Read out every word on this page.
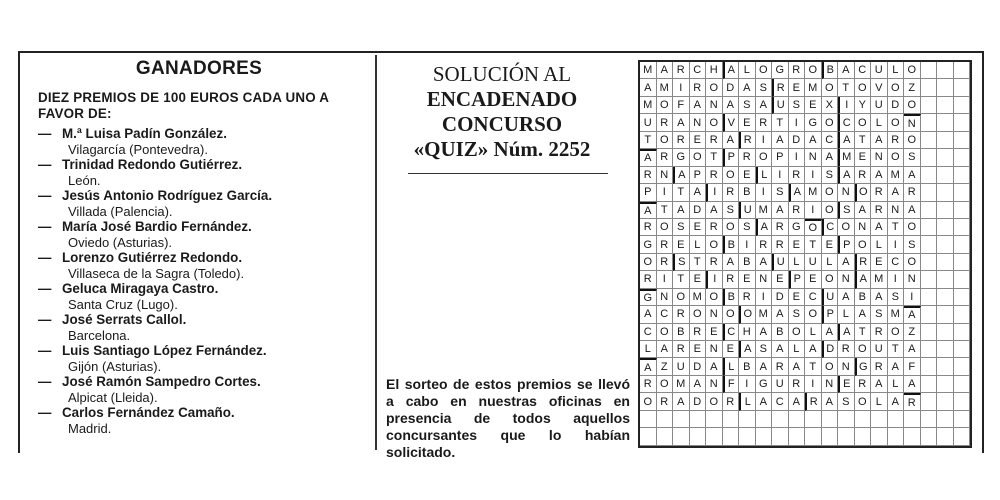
GANADORES

DIEZ PREMIOS DE 100 EUROS CADA UNO A FAVOR DE:

— M.ª Luisa Padín González.
Vilagarcía (Pontevedra).
— Trinidad Redondo Gutiérrez.
León.
— Jesús Antonio Rodríguez García.
Villada (Palencia).
— María José Bardio Fernández.
Oviedo (Asturias).
— Lorenzo Gutiérrez Redondo.
Villaseca de la Sagra (Toledo).
— Geluca Miragaya Castro.
Santa Cruz (Lugo).
— José Serrats Callol.
Barcelona.
— Luis Santiago López Fernández.
Gijón (Asturias).
— José Ramón Sampedro Cortes.
Alpicat (Lleida).
— Carlos Fernández Camaño.
Madrid.
SOLUCIÓN AL
ENCADENADO
CONCURSO
«QUIZ» Núm. 2252

El sorteo de estos premios se llevó a cabo en nuestras oficinas en presencia de todos aquellos concursantes que lo habían solicitado.

M A R C H A L O G R O B A C U L O
A M I R O D A S R E M O T O V O Z
M O F A N A S A U S E X	I Y U D O
U R A N O V E R T	I G O C O L O N
T O R E R A R I	A D A C A T A R O
A R G O T P R O P	I N A M E N O S
R N A P R O E L I R	I	S A R A M A
P	I	T A	I R B	I	S A M O N O R A R
A T A D A S U M A R	I O S A R N A
R O S E R O S A R G O C O N A T O
G R E L O B I R R E T E P O L	I	S
O R S T R A B A U L U L A R E C O
R	I	T E	I R E N E P E O N A M I N
G N O M O B R	I D E C U A B A S	I
A C R O N O O M A S O P L A S M A
C O B R E C H A B O L A A T R O Z
L A R E N E A S A L A D R O U T A
A Z U D A L B A R A T O N G R A F
R O M A N F I G U R	I N E R A L A
O R A D O R L A C A R A S O L A R
